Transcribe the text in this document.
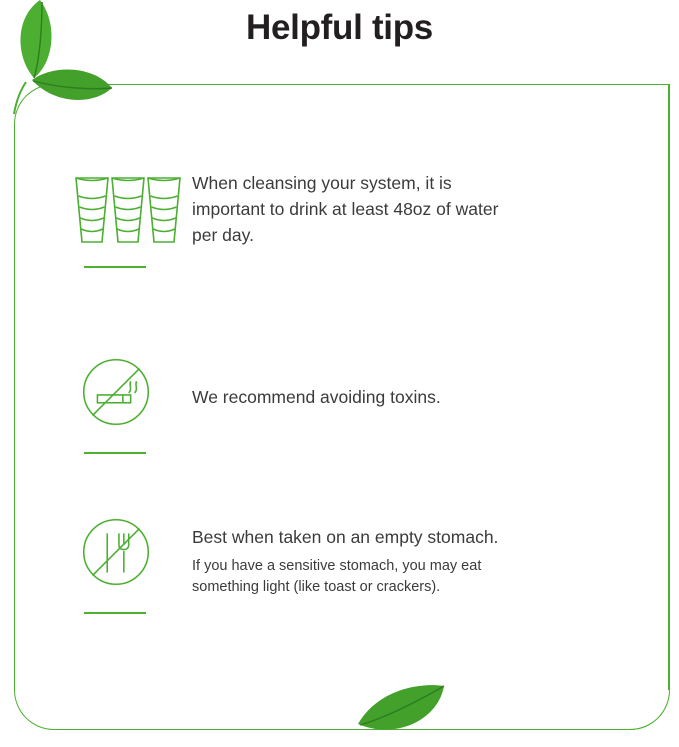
Helpful tips
When cleansing your system, it is important to drink at least 48oz of water per day.
We recommend avoiding toxins.
Best when taken on an empty stomach.
If you have a sensitive stomach, you may eat something light (like toast or crackers).
